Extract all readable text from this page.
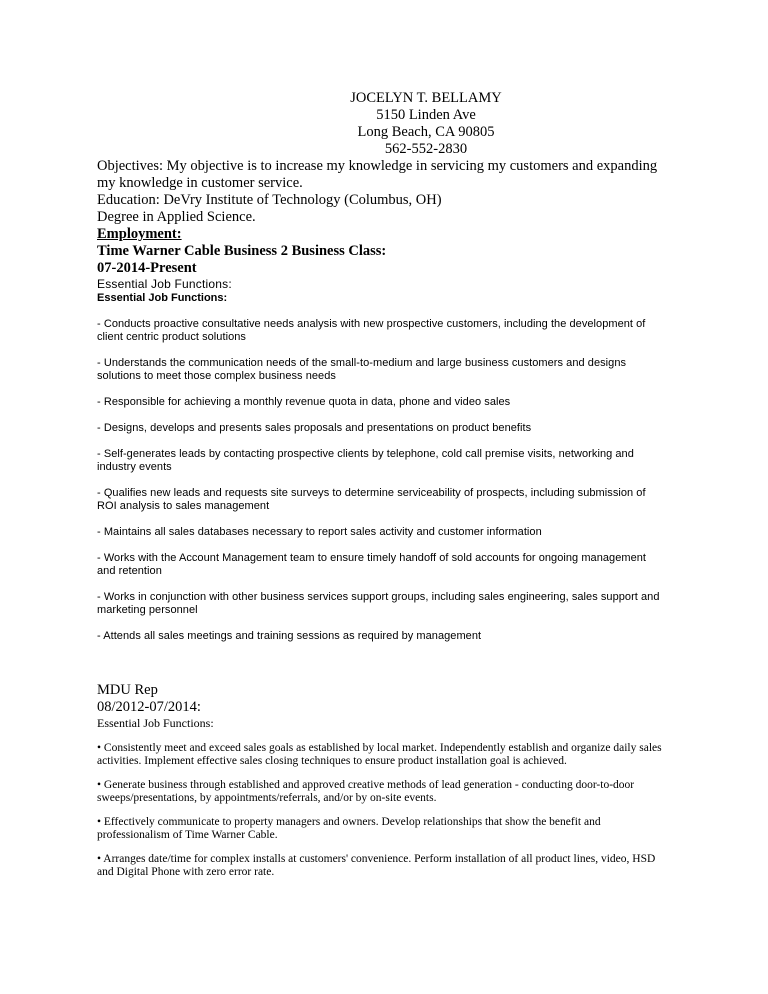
JOCELYN T. BELLAMY
5150 Linden Ave
Long Beach, CA 90805
562-552-2830
Objectives: My objective is to increase my knowledge in servicing my customers and expanding my knowledge in customer service.
Education: DeVry Institute of Technology (Columbus, OH)
Degree in Applied Science.
Employment:
Time Warner Cable Business 2 Business Class:
07-2014-Present
Essential Job Functions:
Essential Job Functions:
- Conducts proactive consultative needs analysis with new prospective customers, including the development of client centric product solutions
- Understands the communication needs of the small-to-medium and large business customers and designs solutions to meet those complex business needs
- Responsible for achieving a monthly revenue quota in data, phone and video sales
- Designs, develops and presents sales proposals and presentations on product benefits
- Self-generates leads by contacting prospective clients by telephone, cold call premise visits, networking and industry events
- Qualifies new leads and requests site surveys to determine serviceability of prospects, including submission of ROI analysis to sales management
- Maintains all sales databases necessary to report sales activity and customer information
- Works with the Account Management team to ensure timely handoff of sold accounts for ongoing management and retention
- Works in conjunction with other business services support groups, including sales engineering, sales support and marketing personnel
- Attends all sales meetings and training sessions as required by management
MDU Rep
08/2012-07/2014:
Essential Job Functions:
• Consistently meet and exceed sales goals as established by local market. Independently establish and organize daily sales activities. Implement effective sales closing techniques to ensure product installation goal is achieved.
• Generate business through established and approved creative methods of lead generation - conducting door-to-door sweeps/presentations, by appointments/referrals, and/or by on-site events.
• Effectively communicate to property managers and owners. Develop relationships that show the benefit and professionalism of Time Warner Cable.
• Arranges date/time for complex installs at customers' convenience. Perform installation of all product lines, video, HSD and Digital Phone with zero error rate.
